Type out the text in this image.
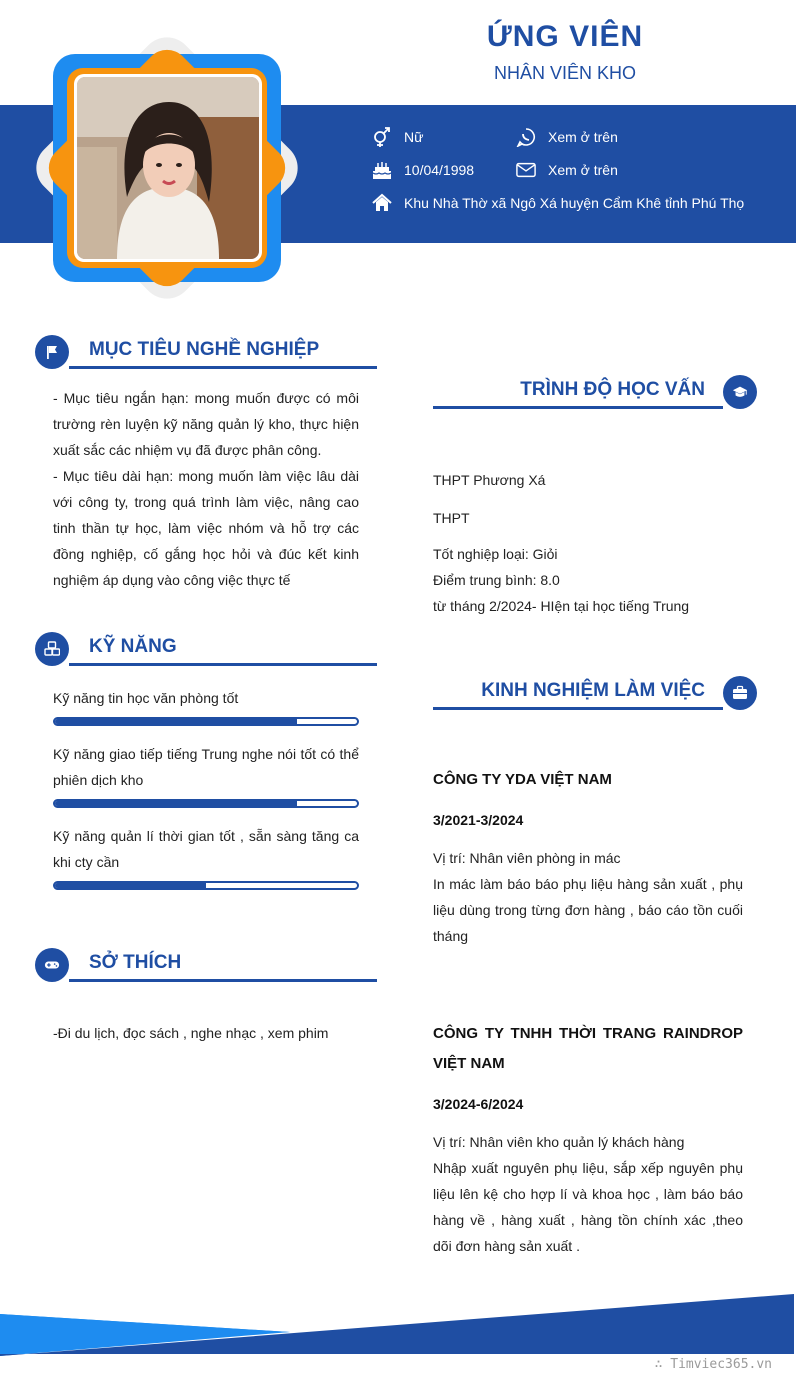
ỨNG VIÊN
NHÂN VIÊN KHO
Nữ	Xem ở trên
10/04/1998	Xem ở trên
Khu Nhà Thờ xã Ngô Xá huyện Cẩm Khê tỉnh Phú Thọ
MỤC TIÊU NGHỀ NGHIỆP
- Mục tiêu ngắn hạn: mong muốn được có môi trường rèn luyện kỹ năng quản lý kho, thực hiện xuất sắc các nhiệm vụ đã được phân công.
- Mục tiêu dài hạn: mong muốn làm việc lâu dài với công ty, trong quá trình làm việc, nâng cao tinh thần tự học, làm việc nhóm và hỗ trợ các đồng nghiệp, cố gắng học hỏi và đúc kết kinh nghiệm áp dụng vào công việc thực tế
KỸ NĂNG
Kỹ năng tin học văn phòng tốt
Kỹ năng giao tiếp tiếng Trung nghe nói tốt có thể phiên dịch kho
Kỹ năng quản lí thời gian tốt , sẵn sàng tăng ca khi cty cần
SỞ THÍCH
-Đi du lịch, đọc sách , nghe nhạc , xem phim
TRÌNH ĐỘ HỌC VẤN
THPT Phương Xá
THPT
Tốt nghiệp loại: Giỏi
Điểm trung bình: 8.0
từ tháng 2/2024- HIện tại học tiếng Trung
KINH NGHIỆM LÀM VIỆC
CÔNG TY YDA VIỆT NAM
3/2021-3/2024
Vị trí: Nhân viên phòng in mác
In mác làm báo báo phụ liệu hàng sản xuất , phụ liệu dùng trong từng đơn hàng , báo cáo tồn cuối tháng
CÔNG TY TNHH THỜI TRANG RAINDROP VIỆT NAM
3/2024-6/2024
Vị trí: Nhân viên kho quản lý khách hàng
Nhập xuất nguyên phụ liệu, sắp xếp nguyên phụ liệu lên kệ cho hợp lí và khoa học , làm báo báo hàng về , hàng xuất , hàng tồn chính xác ,theo dõi đơn hàng sản xuất .
∴ Timviec365.vn
